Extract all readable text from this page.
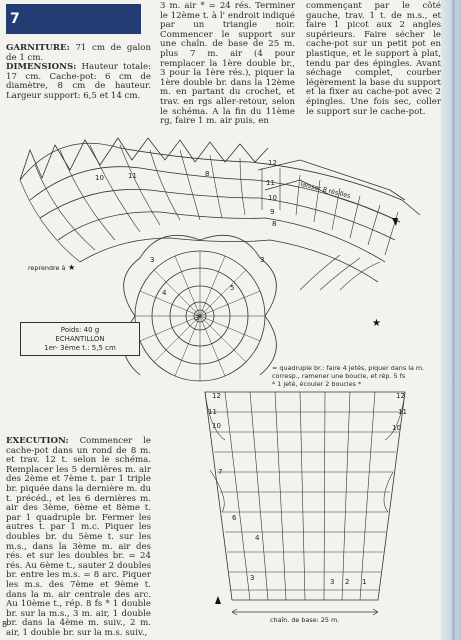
7
GARNITURE: 71 cm de galon de 1 cm.
DIMENSIONS: Hauteur totale: 17 cm. Cache-pot: 6 cm de diamètre, 8 cm de hauteur. Largeur support: 6,5 et 14 cm.
3 m. air * = 24 rés. Terminer le 12ème t. à l' endroit indiqué par un triangle noir. Commencer le support sur une chaîn. de base de 25 m. plus 7 m. air (4 pour remplacer la 1ère double br., 3 pour la 1ère rés.), piquer la 1ère double br. dans la 12ème m. en partant du crochet, et trav. en rgs aller-retour, selon le schéma. A la fin du 11ème rg, faire 1 m. air puis, en
commençant par le côté gauche, trav. 1 t. de m.s., et faire 1 picot aux 2 angles supérieurs. Faire sécher le cache-pot sur un petit pot en plastique, et le support à plat, tendu par des épingles. Avant séchage complet, courber légèrement la base du support et la fixer au cache-pot avec 2 épingles. Une fois sec, coller le support sur le cache-pot.
★
★
12
11
10
9
8
10	11	8
12	12
11	11
10	10
7
6
4
3	3 2 1
3
4
5
3	3
laisser 8 résilles
reprendre à
chaîn. de base: 25 m.
Poids: 40 g
ECHANTILLON
1er- 3ème t.: 5,5 cm
= quadruple br.: faire 4 jetés, piquer dans la m. corresp., ramener une boucle, et rép. 5 fs
* 1 jeté, écouler 2 boucles *
EXECUTION: Commencer le cache-pot dans un rond de 8 m. et trav. 12 t. selon le schéma. Remplacer les 5 dernières m. air des 2ème et 7ème t. par 1 triple br. piquée dans la dernière m. du t. précéd., et les 6 dernières m. air des 3ème, 6ème et 8ème t. par 1 quadruple br. Fermer les autres t. par 1 m.c. Piquer les doubles br. du 5ème t. sur les m.s., dans la 3ème m. air des rés. et sur les doubles br. = 24 rés. Au 6ème t., sauter 2 doubles br. entre les m.s. = 8 arc. Piquer les m.s. des 7ème et 9ème t. dans la m. air centrale des arc. Au 10ème t., rép. 8 fs * 1 double br. sur la m.s., 3 m. air, 1 double br. dans la 4ème m. suiv., 2 m. air, 1 double br. sur la m.s. suiv.,
8
